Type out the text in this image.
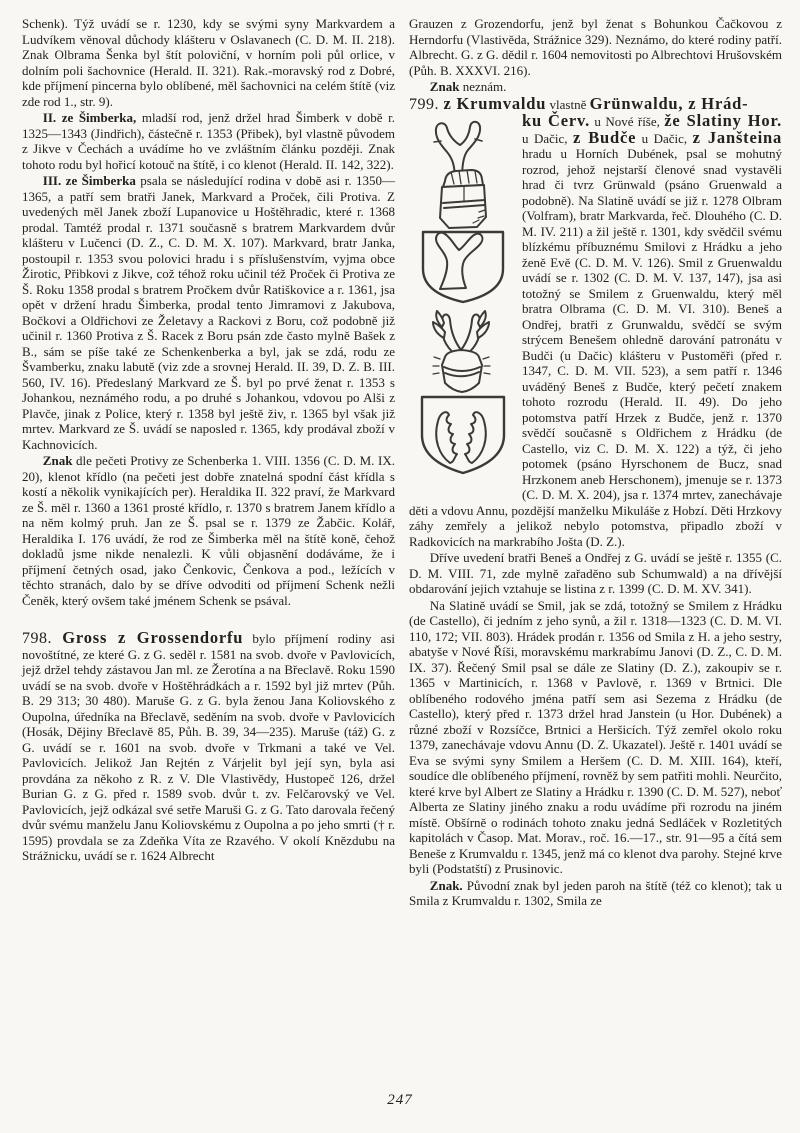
Schenk). Týž uvádí se r. 1230, kdy se svými syny Markvardem a Ludvíkem věnoval důchody klášteru v Oslavanech (C. D. M. II. 218). Znak Olbrama Šenka byl štít poloviční, v horním poli půl orlice, v dolním poli šachovnice (Herald. II. 321). Rak.-moravský rod z Dobré, kde příjmení pincerna bylo oblíbené, měl šachovnici na celém štítě (viz zde rod 1., str. 9).

II. ze Šimberka, mladší rod, jenž držel hrad Šimberk v době r. 1325—1343 (Jindřich), částečně r. 1353 (Přibek), byl vlastně původem z Jikve v Čechách a uvádíme ho ve zvláštním článku později. Znak tohoto rodu byl hořicí kotouč na štítě, i co klenot (Herald. II. 142, 322).

III. ze Šimberka psala se následující rodina v době asi r. 1350—1365, a patří sem bratři Janek, Markvard a Proček, čili Protiva. Z uvedených měl Janek zboží Lupanovice u Hoštěhradic, které r. 1368 prodal. Tamtéž prodal r. 1371 současně s bratrem Markvardem dvůr klášteru v Lučenci (D. Z., C. D. M. X. 107). Markvard, bratr Janka, postoupil r. 1353 svou polovici hradu i s příslušenstvím, vyjma obce Žirotic, Přibkovi z Jikve, což téhož roku učinil též Proček či Protiva ze Š. Roku 1358 prodal s bratrem Pročkem dvůr Ratiškovice a r. 1361, jsa opět v držení hradu Šimberka, prodal tento Jimramovi z Jakubova, Bočkovi a Oldřichovi ze Želetavy a Rackovi z Boru, což podobně již učinil r. 1360 Protiva z Š. Racek z Boru psán zde často mylně Bašek z B., sám se píše také ze Schenkenberka a byl, jak se zdá, rodu ze Švamberku, znaku labutě (viz zde a srovnej Herald. II. 39, D. Z. B. III. 560, IV. 16). Předeslaný Markvard ze Š. byl po prvé ženat r. 1353 s Johankou, neznámého rodu, a po druhé s Johankou, vdovou po Alši z Plavče, jinak z Police, který r. 1358 byl ještě živ, r. 1365 byl však již mrtev. Markvard ze Š. uvádí se naposled r. 1365, kdy prodával zboží v Kachnovicích.

Znak dle pečeti Protivy ze Schenberka 1. VIII. 1356 (C. D. M. IX. 20), klenot křídlo (na pečeti jest dobře znatelná spodní část křídla s kostí a několik vynikajících per). Heraldika II. 322 praví, že Markvard ze Š. měl r. 1360 a 1361 prosté křídlo, r. 1370 s bratrem Janem křídlo a na něm kolmý pruh. Jan ze Š. psal se r. 1379 ze Žabčic. Kolář, Heraldika I. 176 uvádí, že rod ze Šimberka měl na štítě koně, čehož dokladů jsme nikde nenalezli. K vůli objasnění dodáváme, že i příjmení četných osad, jako Čenkovic, Čenkova a pod., ležících v těchto stranách, dalo by se dříve odvoditi od příjmení Schenk nežli Čeněk, který ovšem také jménem Schenk se psával.

798. Gross z Grossendorfu bylo příjmení rodiny asi novoštítné, ze které G. z G. seděl r. 1581 na svob. dvoře v Pavlovicích, jejž držel tehdy zástavou Jan ml. ze Žerotína a na Břeclavě. Roku 1590 uvádí se na svob. dvoře v Hoštěhrádkách a r. 1592 byl již mrtev (Půh. B. 29 313; 30 480). Maruše G. z G. byla ženou Jana Koliovského z Oupolna, úředníka na Břeclavě, seděním na svob. dvoře v Pavlovicích (Hosák, Dějiny Břeclavě 85, Půh. B. 39, 34—235). Maruše (táž) G. z G. uvádí se r. 1601 na svob. dvoře v Trkmani a také ve Vel. Pavlovicích. Jelikož Jan Rejtén z Várjelit byl její syn, byla asi provdána za někoho z R. z V. Dle Vlastivědy, Hustopeč 126, držel Burian G. z G. před r. 1589 svob. dvůr t. zv. Felčarovský ve Vel. Pavlovicích, jejž odkázal své setře Maruši G. z G. Tato darovala řečený dvůr svému manželu Janu Koliovskému z Oupolna a po jeho smrti († r. 1595) provdala se za Zdeňka Víta ze Rzavého. V okolí Knězdubu na Strážnicku, uvádí se r. 1624 Albrecht

Grauzen z Grozendorfu, jenž byl ženat s Bohunkou Čačkovou z Herndorfu (Vlastivěda, Strážnice 329). Neznámo, do které rodiny patří. Albrecht. G. z G. dědil r. 1604 nemovitosti po Albrechtovi Hrušovském (Půh. B. XXXVI. 216).

Znak neznám.

799. z Krumvaldu vlastně Grünwaldu, z Hrád-
ku Červ. u Nové říše, že Slatiny Hor. u Dačic, z Budče u Dačic, z Janšteina hradu u Horních Dubének, psal se mohutný rozrod, jehož nejstarší členové snad vystavěli hrad či tvrz Grünwald (psáno Gruenwald a podobně). Na Slatině uvádí se již r. 1278 Olbram (Volfram), bratr Markvarda, řeč. Dlouhého (C. D. M. IV. 211) a žil ještě r. 1301, kdy svědčil svému blízkému příbuznému Smilovi z Hrádku a jeho ženě Evě (C. D. M. V. 126). Smil z Gruenwaldu uvádí se r. 1302 (C. D. M. V. 137, 147), jsa asi totožný se Smilem z Gruenwaldu, který měl bratra Olbrama (C. D. M. VI. 310). Beneš a Ondřej, bratři z Grunwaldu, svědčí se svým strýcem Benešem ohledně darování patronátu v Budči (u Dačic) klášteru v Pustoměři (před r. 1347, C. D. M. VII. 523), a sem patří r. 1346 uváděný Beneš z Budče, který pečetí znakem tohoto rozrodu (Herald. II. 49). Do jeho potomstva patří Hrzek z Budče, jenž r. 1370 svědčí současně s Oldřichem z Hrádku (de Castello, viz C. D. M. X. 122) a týž, či jeho potomek (psáno Hyrschonem de Bucz, snad Hrzkonem aneb Herschonem), jmenuje se r. 1373 (C. D. M. X. 204), jsa r. 1374 mrtev, zanechávaje děti a vdovu Annu, pozdější manželku Mikuláše z Hobzí. Děti Hrzkovy záhy zemřely a jelikož nebylo potomstva, připadlo zboží v Radkovicích na markrabího Jošta (D. Z.).

Dříve uvedení bratři Beneš a Ondřej z G. uvádí se ještě r. 1355 (C. D. M. VIII. 71, zde mylně zařaděno sub Schumwald) a na dřívější obdarování jejich vztahuje se listina z r. 1399 (C. D. M. XV. 341).

Na Slatině uvádí se Smil, jak se zdá, totožný se Smilem z Hrádku (de Castello), či jedním z jeho synů, a žil r. 1318—1323 (C. D. M. VI. 110, 172; VII. 803). Hrádek prodán r. 1356 od Smila z H. a jeho sestry, abatyše v Nové Říši, moravskému markrabímu Janovi (D. Z., C. D. M. IX. 37). Řečený Smil psal se dále ze Slatiny (D. Z.), zakoupiv se r. 1365 v Martinicích, r. 1368 v Pavlově, r. 1369 v Brtnici. Dle oblíbeného rodového jména patří sem asi Sezema z Hrádku (de Castello), který před r. 1373 držel hrad Janstein (u Hor. Dubének) a různé zboží v Rozsíčce, Brtnici a Heršicích. Týž zemřel okolo roku 1379, zanechávaje vdovu Annu (D. Z. Ukazatel). Ještě r. 1401 uvádí se Eva se svými syny Smilem a Heršem (C. D. M. XIII. 164), kteří, soudíce dle oblíbeného příjmení, rovněž by sem patřiti mohli. Neurčito, které krve byl Albert ze Slatiny a Hrádku r. 1390 (C. D. M. 527), neboť Alberta ze Slatiny jiného znaku a rodu uvádíme při rozrodu na jiném místě. Obšírně o rodinách tohoto znaku jedná Sedláček v Rozletitých kapitolách v Časop. Mat. Morav., roč. 16.—17., str. 91—95 a čítá sem Beneše z Krumvaldu r. 1345, jenž má co klenot dva parohy. Stejné krve byli (Podstatští) z Prusinovic.

Znak. Původní znak byl jeden paroh na štítě (též co klenot); tak u Smila z Krumvaldu r. 1302, Smila ze

247
